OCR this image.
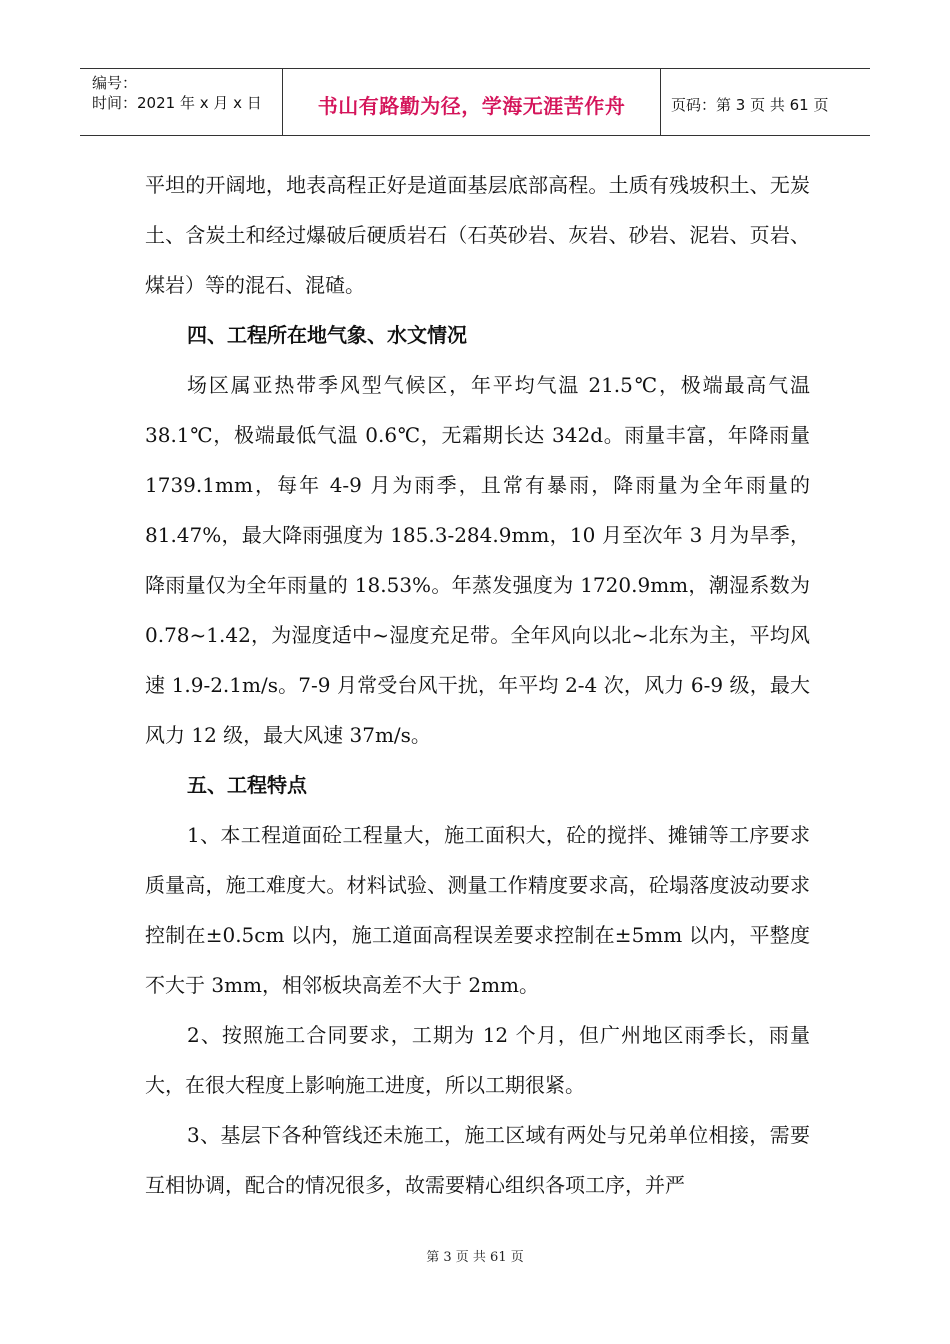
编号：
时间：2021 年 x 月 x 日	书山有路勤为径，学海无涯苦作舟	页码：第 3 页 共 61 页

平坦的开阔地，地表高程正好是道面基层底部高程。土质有残坡积土、无炭土、含炭土和经过爆破后硬质岩石（石英砂岩、灰岩、砂岩、泥岩、页岩、煤岩）等的混石、混碴。

四、工程所在地气象、水文情况

场区属亚热带季风型气候区，年平均气温 21.5℃，极端最高气温 38.1℃，极端最低气温 0.6℃，无霜期长达 342d。雨量丰富，年降雨量 1739.1mm，每年 4-9 月为雨季，且常有暴雨，降雨量为全年雨量的 81.47%，最大降雨强度为 185.3-284.9mm，10 月至次年 3 月为旱季，降雨量仅为全年雨量的 18.53%。年蒸发强度为 1720.9mm，潮湿系数为 0.78~1.42，为湿度适中~湿度充足带。全年风向以北~北东为主，平均风速 1.9-2.1m/s。7-9 月常受台风干扰，年平均 2-4 次，风力 6-9 级，最大风力 12 级，最大风速 37m/s。

五、工程特点

1、本工程道面砼工程量大，施工面积大，砼的搅拌、摊铺等工序要求质量高，施工难度大。材料试验、测量工作精度要求高，砼塌落度波动要求控制在±0.5cm 以内，施工道面高程误差要求控制在±5mm 以内，平整度不大于 3mm，相邻板块高差不大于 2mm。

2、按照施工合同要求，工期为 12 个月，但广州地区雨季长，雨量大，在很大程度上影响施工进度，所以工期很紧。

3、基层下各种管线还未施工，施工区域有两处与兄弟单位相接，需要互相协调，配合的情况很多，故需要精心组织各项工序，并严

第 3 页 共 61 页
